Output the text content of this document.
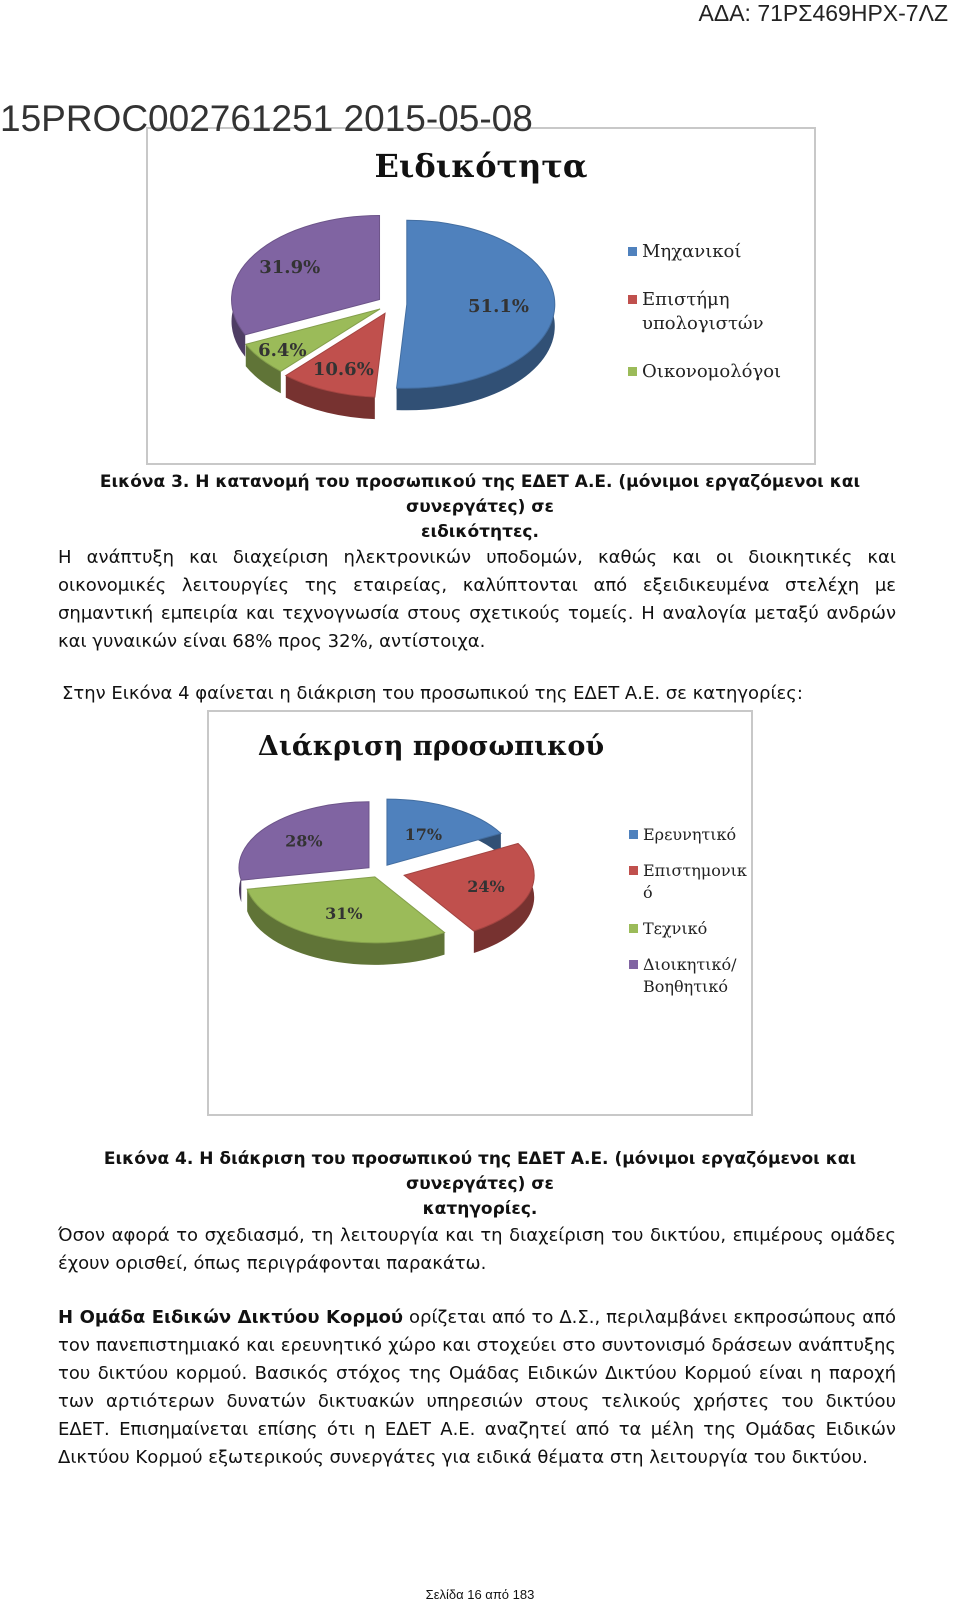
ΑΔΑ: 71ΡΣ469ΗΡΧ-7ΛΖ
15PROC002761251 2015-05-08
Ειδικότητα
51.1%
10.6%
6.4%
31.9%
Μηχανικοί
Επιστήμη
υπολογιστών
Οικονομολόγοι
Εικόνα 3. Η κατανομή του προσωπικού της ΕΔΕΤ Α.Ε. (μόνιμοι εργαζόμενοι και συνεργάτες) σε
ειδικότητες.
Η ανάπτυξη και διαχείριση ηλεκτρονικών υποδομών, καθώς και οι διοικητικές και οικονομικές λειτουργίες της εταιρείας, καλύπτονται από εξειδικευμένα στελέχη με σημαντική εμπειρία και τεχνογνωσία στους σχετικούς τομείς. Η αναλογία μεταξύ ανδρών και γυναικών είναι 68% προς 32%, αντίστοιχα.
Στην Εικόνα 4 φαίνεται η διάκριση του προσωπικού της ΕΔΕΤ Α.Ε. σε κατηγορίες:
Διάκριση προσωπικού
17%
24%
31%
28%	Ερευνητικό
Επιστημονικ
ό
Τεχνικό
Διοικητικό/
Βοηθητικό
Εικόνα 4. Η διάκριση του προσωπικού της ΕΔΕΤ Α.Ε. (μόνιμοι εργαζόμενοι και συνεργάτες) σε
κατηγορίες.
Όσον αφορά το σχεδιασμό, τη λειτουργία και τη διαχείριση του δικτύου, επιμέρους ομάδες έχουν ορισθεί, όπως περιγράφονται παρακάτω.
Η Ομάδα Ειδικών Δικτύου Κορμού ορίζεται από το Δ.Σ., περιλαμβάνει εκπροσώπους από τον πανεπιστημιακό και ερευνητικό χώρο και στοχεύει στο συντονισμό δράσεων ανάπτυξης του δικτύου κορμού. Βασικός στόχος της Ομάδας Ειδικών Δικτύου Κορμού είναι η παροχή των αρτιότερων δυνατών δικτυακών υπηρεσιών στους τελικούς χρήστες του δικτύου ΕΔΕΤ. Επισημαίνεται επίσης ότι η ΕΔΕΤ Α.Ε. αναζητεί από τα μέλη της Ομάδας Ειδικών Δικτύου Κορμού εξωτερικούς συνεργάτες για ειδικά θέματα στη λειτουργία του δικτύου.
Σελίδα 16 από 183
